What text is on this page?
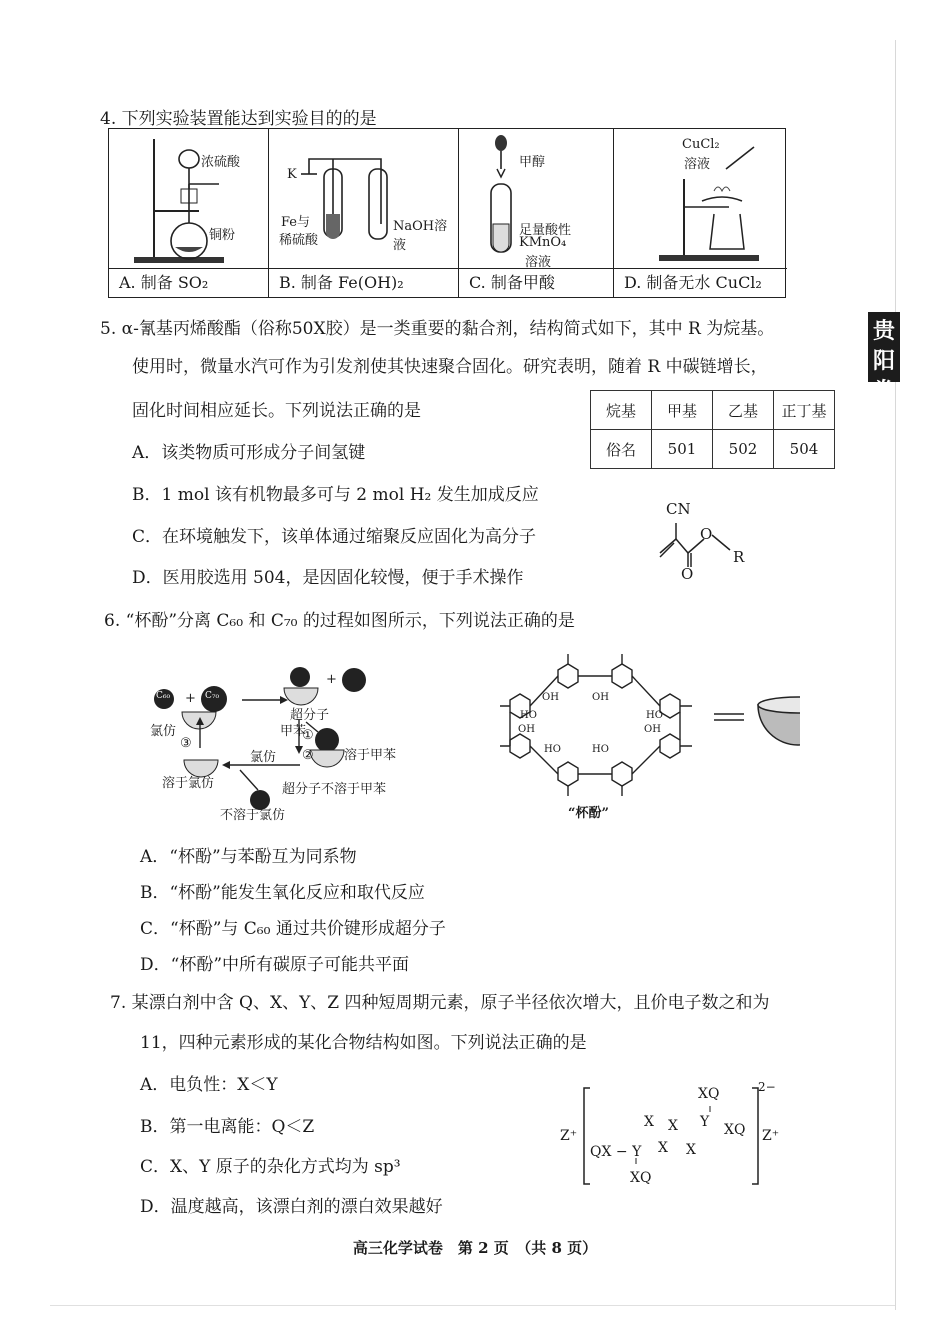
贵阳
卷
4. 下列实验装置能达到实验目的的是
浓硫酸
铜粉
A. 制备 SO₂
K
Fe与
稀硫酸
NaOH溶液
B. 制备 Fe(OH)₂
甲醇
足量酸性
KMnO₄
溶液
C. 制备甲酸
CuCl₂
溶液
D. 制备无水 CuCl₂
5. α-氰基丙烯酸酯（俗称50X胶）是一类重要的黏合剂，结构简式如下，其中 R 为烷基。
使用时，微量水汽可作为引发剂使其快速聚合固化。研究表明，随着 R 中碳链增长，
固化时间相应延长。下列说法正确的是	烷基	甲基	乙基	正丁基
俗名	501	502	504
A．该类物质可形成分子间氢键
B．1 mol 该有机物最多可与 2 mol H₂ 发生加成反应
C．在环境触发下，该单体通过缩聚反应固化为高分子
D．医用胶选用 504，是因固化较慢，便于手术操作
CN
O
O
R
6. “杯酚”分离 C₆₀ 和 C₇₀ 的过程如图所示，下列说法正确的是
C₆₀ + C₇₀
+
氯仿
超分子
甲苯
溶于甲苯
氯仿
溶于氯仿	超分子不溶于甲苯
不溶于氯仿
①
②
③
OH	OH
OH	OH
HO	HO
HO	HO
“杯酚”
A．“杯酚”与苯酚互为同系物
B．“杯酚”能发生氧化反应和取代反应
C．“杯酚”与 C₆₀ 通过共价键形成超分子
D．“杯酚”中所有碳原子可能共平面
7. 某漂白剂中含 Q、X、Y、Z 四种短周期元素，原子半径依次增大，且价电子数之和为
11，四种元素形成的某化合物结构如图。下列说法正确的是
A．电负性：X＜Y
B．第一电离能：Q＜Z
C．X、Y 原子的杂化方式均为 sp³
D．温度越高，该漂白剂的漂白效果越好
2−
Z⁺	Z⁺
XQ
X X Y XQ
QX − Y X X
XQ
高三化学试卷　第 2 页　（共 8 页）
